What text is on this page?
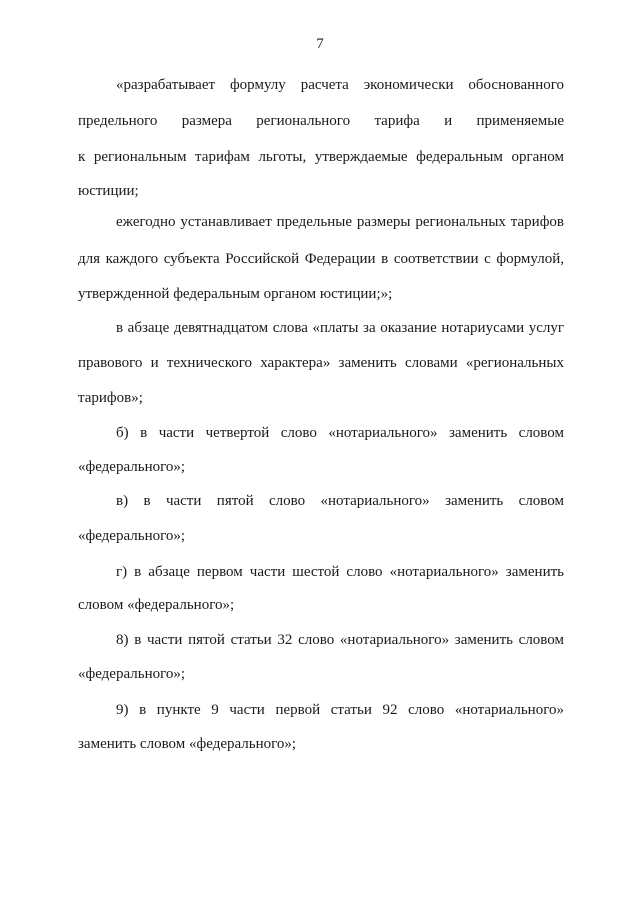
7
«разрабатывает формулу расчета экономически обоснованного
предельного размера регионального тарифа и применяемые
к региональным тарифам льготы, утверждаемые федеральным органом
юстиции;
ежегодно устанавливает предельные размеры региональных тарифов
для каждого субъекта Российской Федерации в соответствии с формулой,
утвержденной федеральным органом юстиции;»;
в абзаце девятнадцатом слова «платы за оказание нотариусами услуг
правового и технического характера» заменить словами «региональных
тарифов»;
б) в части четвертой слово «нотариального» заменить словом
«федерального»;
в) в части пятой слово «нотариального» заменить словом
«федерального»;
г) в абзаце первом части шестой слово «нотариального» заменить
словом «федерального»;
8) в части пятой статьи 32 слово «нотариального» заменить словом
«федерального»;
9) в пункте 9 части первой статьи 92 слово «нотариального»
заменить словом «федерального»;
